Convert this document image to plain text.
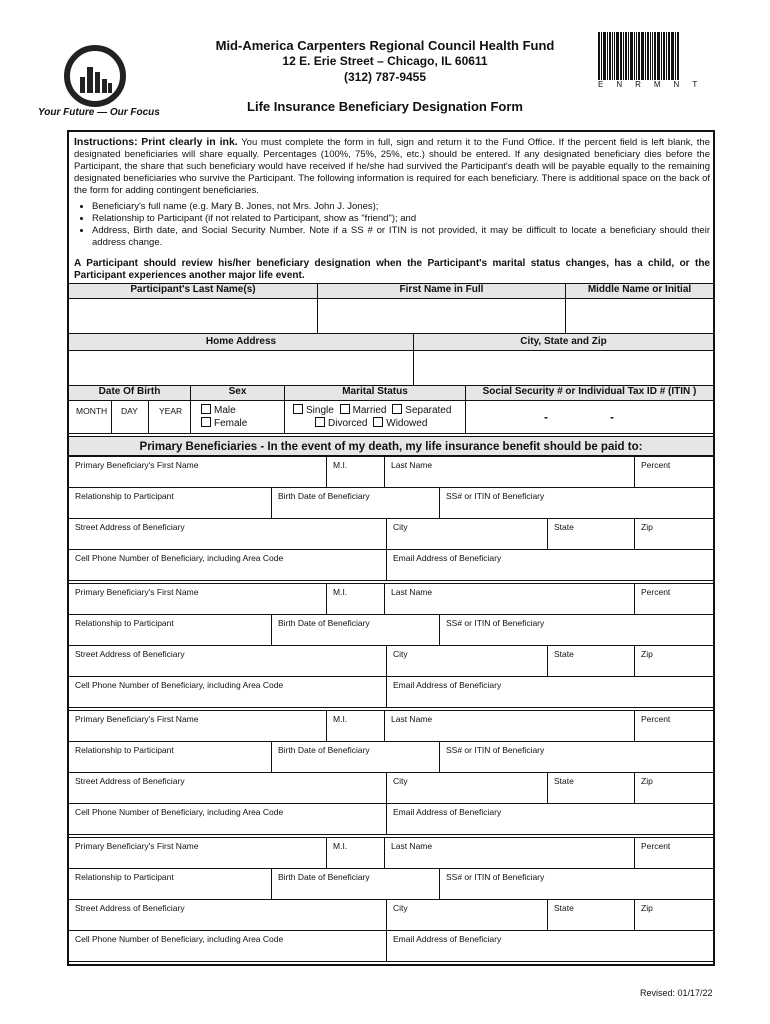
Your Future — Our Focus
Mid-America Carpenters Regional Council Health Fund
12 E. Erie Street – Chicago, IL 60611
(312) 787-9455
Life Insurance Beneficiary Designation Form
ENRMNT
Instructions: Print clearly in ink. You must complete the form in full, sign and return it to the Fund Office. If the percent field is left blank, the designated beneficiaries will share equally. Percentages (100%, 75%, 25%, etc.) should be entered. If any designated beneficiary dies before the Participant, the share that such beneficiary would have received if he/she had survived the Participant's death will be payable equally to the remaining designated beneficiaries who survive the Participant. The following information is required for each beneficiary. There is additional space on the back of the form for adding contingent beneficiaries.
• Beneficiary's full name (e.g. Mary B. Jones, not Mrs. John J. Jones);
• Relationship to Participant (if not related to Participant, show as "friend"); and
• Address, Birth date, and Social Security Number. Note if a SS # or ITIN is not provided, it may be difficult to locate a beneficiary should their address change.
A Participant should review his/her beneficiary designation when the Participant's marital status changes, has a child, or the Participant experiences another major life event.
Participant's Last Name(s)	First Name in Full	Middle Name or Initial
Home Address	City, State and Zip
Date Of Birth	Sex	Marital Status	Social Security # or Individual Tax ID # (ITIN )
MONTH	DAY	YEAR	Male
Female
Single Married Separated
Divorced Widowed	-	-
Primary Beneficiaries - In the event of my death, my life insurance benefit should be paid to:
Primary Beneficiary's First Name	M.I.	Last Name	Percent
Relationship to Participant	Birth Date of Beneficiary	SS# or ITIN of Beneficiary
Street Address of Beneficiary	City	State	Zip
Cell Phone Number of Beneficiary, including Area Code	Email Address of Beneficiary
Primary Beneficiary's First Name	M.I.	Last Name	Percent
Relationship to Participant	Birth Date of Beneficiary	SS# or ITIN of Beneficiary
Street Address of Beneficiary	City	State	Zip
Cell Phone Number of Beneficiary, including Area Code	Email Address of Beneficiary
Primary Beneficiary's First Name	M.I.	Last Name	Percent
Relationship to Participant	Birth Date of Beneficiary	SS# or ITIN of Beneficiary
Street Address of Beneficiary	City	State	Zip
Cell Phone Number of Beneficiary, including Area Code	Email Address of Beneficiary
Primary Beneficiary's First Name	M.I.	Last Name	Percent
Relationship to Participant	Birth Date of Beneficiary	SS# or ITIN of Beneficiary
Street Address of Beneficiary	City	State	Zip
Cell Phone Number of Beneficiary, including Area Code	Email Address of Beneficiary
Revised: 01/17/22
